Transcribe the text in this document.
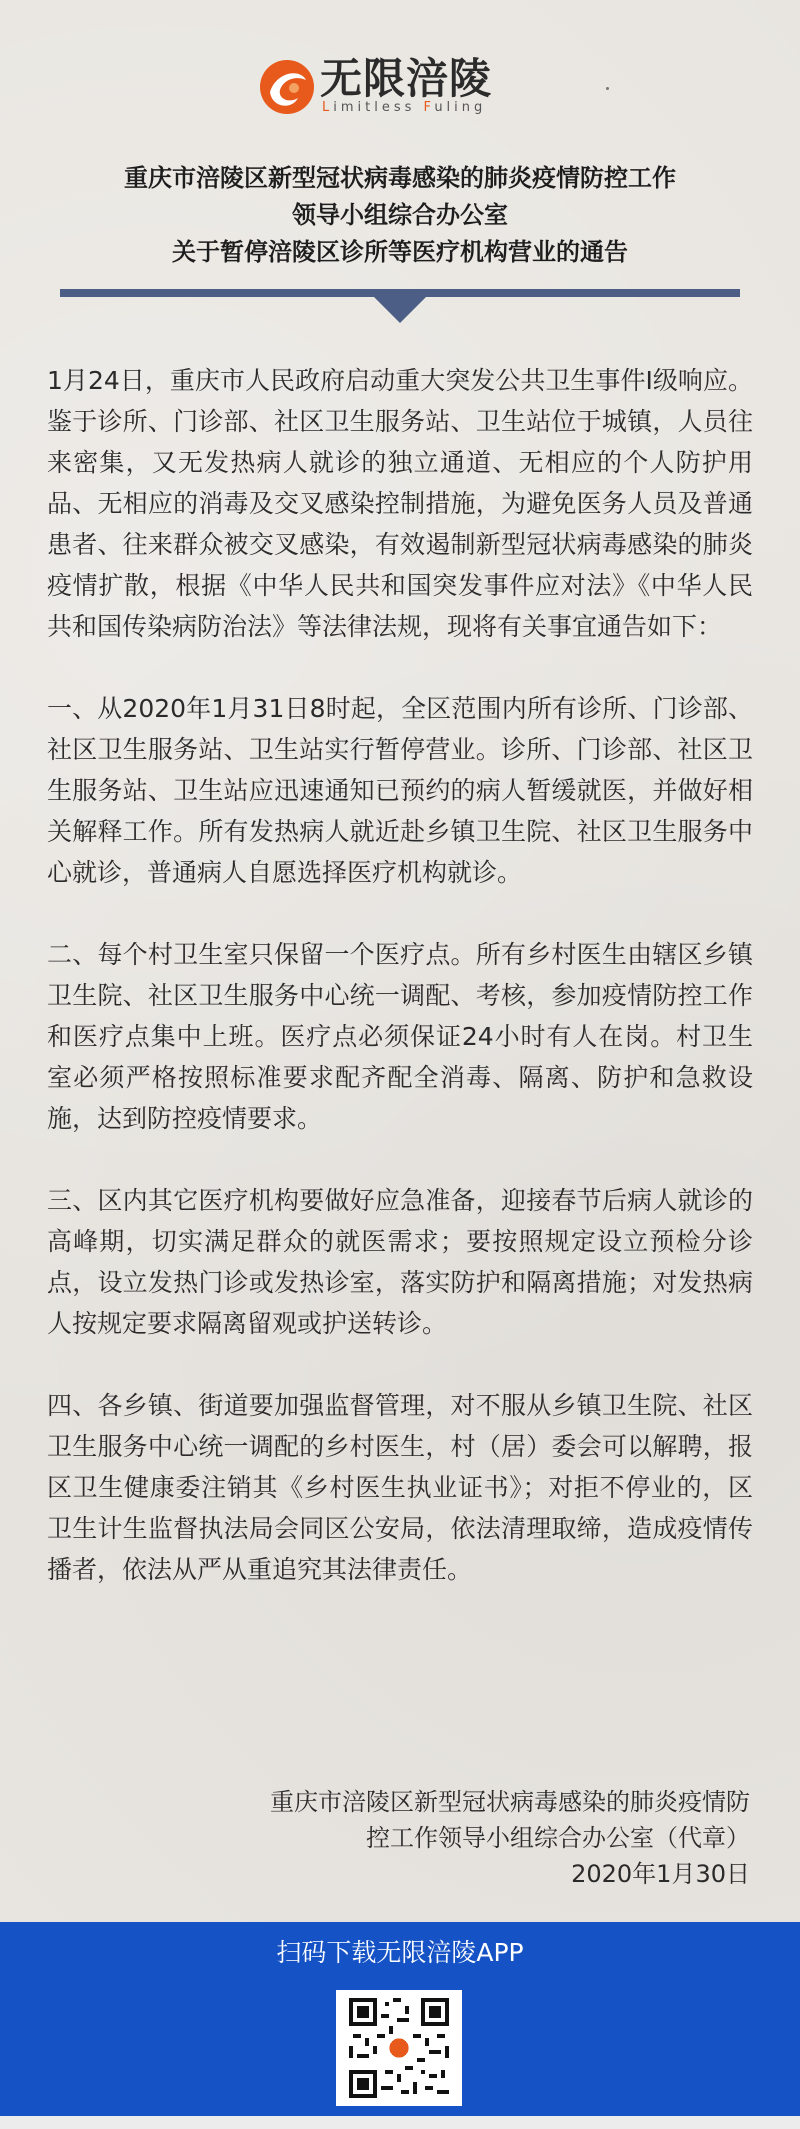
无限涪陵
Limitless Fuling
重庆市涪陵区新型冠状病毒感染的肺炎疫情防控工作
领导小组综合办公室
关于暂停涪陵区诊所等医疗机构营业的通告

1月24日，重庆市人民政府启动重大突发公共卫生事件Ⅰ级响应。鉴于诊所、门诊部、社区卫生服务站、卫生站位于城镇，人员往来密集，又无发热病人就诊的独立通道、无相应的个人防护用品、无相应的消毒及交叉感染控制措施，为避免医务人员及普通患者、往来群众被交叉感染，有效遏制新型冠状病毒感染的肺炎疫情扩散，根据《中华人民共和国突发事件应对法》《中华人民共和国传染病防治法》等法律法规，现将有关事宜通告如下：

一、从2020年1月31日8时起，全区范围内所有诊所、门诊部、社区卫生服务站、卫生站实行暂停营业。诊所、门诊部、社区卫生服务站、卫生站应迅速通知已预约的病人暂缓就医，并做好相关解释工作。所有发热病人就近赴乡镇卫生院、社区卫生服务中心就诊，普通病人自愿选择医疗机构就诊。

二、每个村卫生室只保留一个医疗点。所有乡村医生由辖区乡镇卫生院、社区卫生服务中心统一调配、考核，参加疫情防控工作和医疗点集中上班。医疗点必须保证24小时有人在岗。村卫生室必须严格按照标准要求配齐配全消毒、隔离、防护和急救设施，达到防控疫情要求。

三、区内其它医疗机构要做好应急准备，迎接春节后病人就诊的高峰期，切实满足群众的就医需求；要按照规定设立预检分诊点，设立发热门诊或发热诊室，落实防护和隔离措施；对发热病人按规定要求隔离留观或护送转诊。

四、各乡镇、街道要加强监督管理，对不服从乡镇卫生院、社区卫生服务中心统一调配的乡村医生，村（居）委会可以解聘，报区卫生健康委注销其《乡村医生执业证书》；对拒不停业的，区卫生计生监督执法局会同区公安局，依法清理取缔，造成疫情传播者，依法从严从重追究其法律责任。

重庆市涪陵区新型冠状病毒感染的肺炎疫情防
控工作领导小组综合办公室（代章）
2020年1月30日
扫码下载无限涪陵APP
